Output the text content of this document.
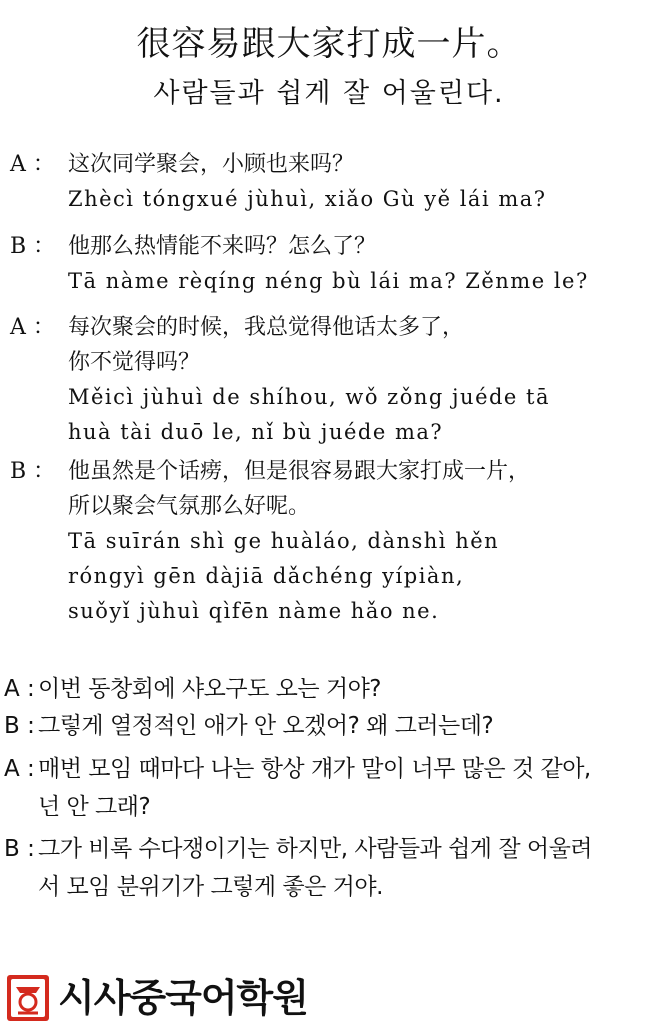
很容易跟大家打成一片。
사람들과 쉽게 잘 어울린다.
A ： 这次同学聚会，小顾也来吗？
Zhècì tóngxué jùhuì, xiǎo Gù yě lái ma?
B ： 他那么热情能不来吗？怎么了？
Tā nàme rèqíng néng bù lái ma? Zěnme le?
A ： 每次聚会的时候，我总觉得他话太多了，
你不觉得吗？
Měicì jùhuì de shíhou, wǒ zǒng juéde tā
huà tài duō le, nǐ bù juéde ma?
B ： 他虽然是个话痨，但是很容易跟大家打成一片，
所以聚会气氛那么好呢。
Tā suīrán shì ge huàláo, dànshì hěn
róngyì gēn dàjiā dǎchéng yípiàn,
suǒyǐ jùhuì qìfēn nàme hǎo ne.
A : 이번 동창회에 샤오구도 오는 거야?
B : 그렇게 열정적인 애가 안 오겠어? 왜 그러는데?
A : 매번 모임 때마다 나는 항상 걔가 말이 너무 많은 것 같아,
넌 안 그래?
B : 그가 비록 수다쟁이기는 하지만, 사람들과 쉽게 잘 어울려
서 모임 분위기가 그렇게 좋은 거야.
시사중국어학원
